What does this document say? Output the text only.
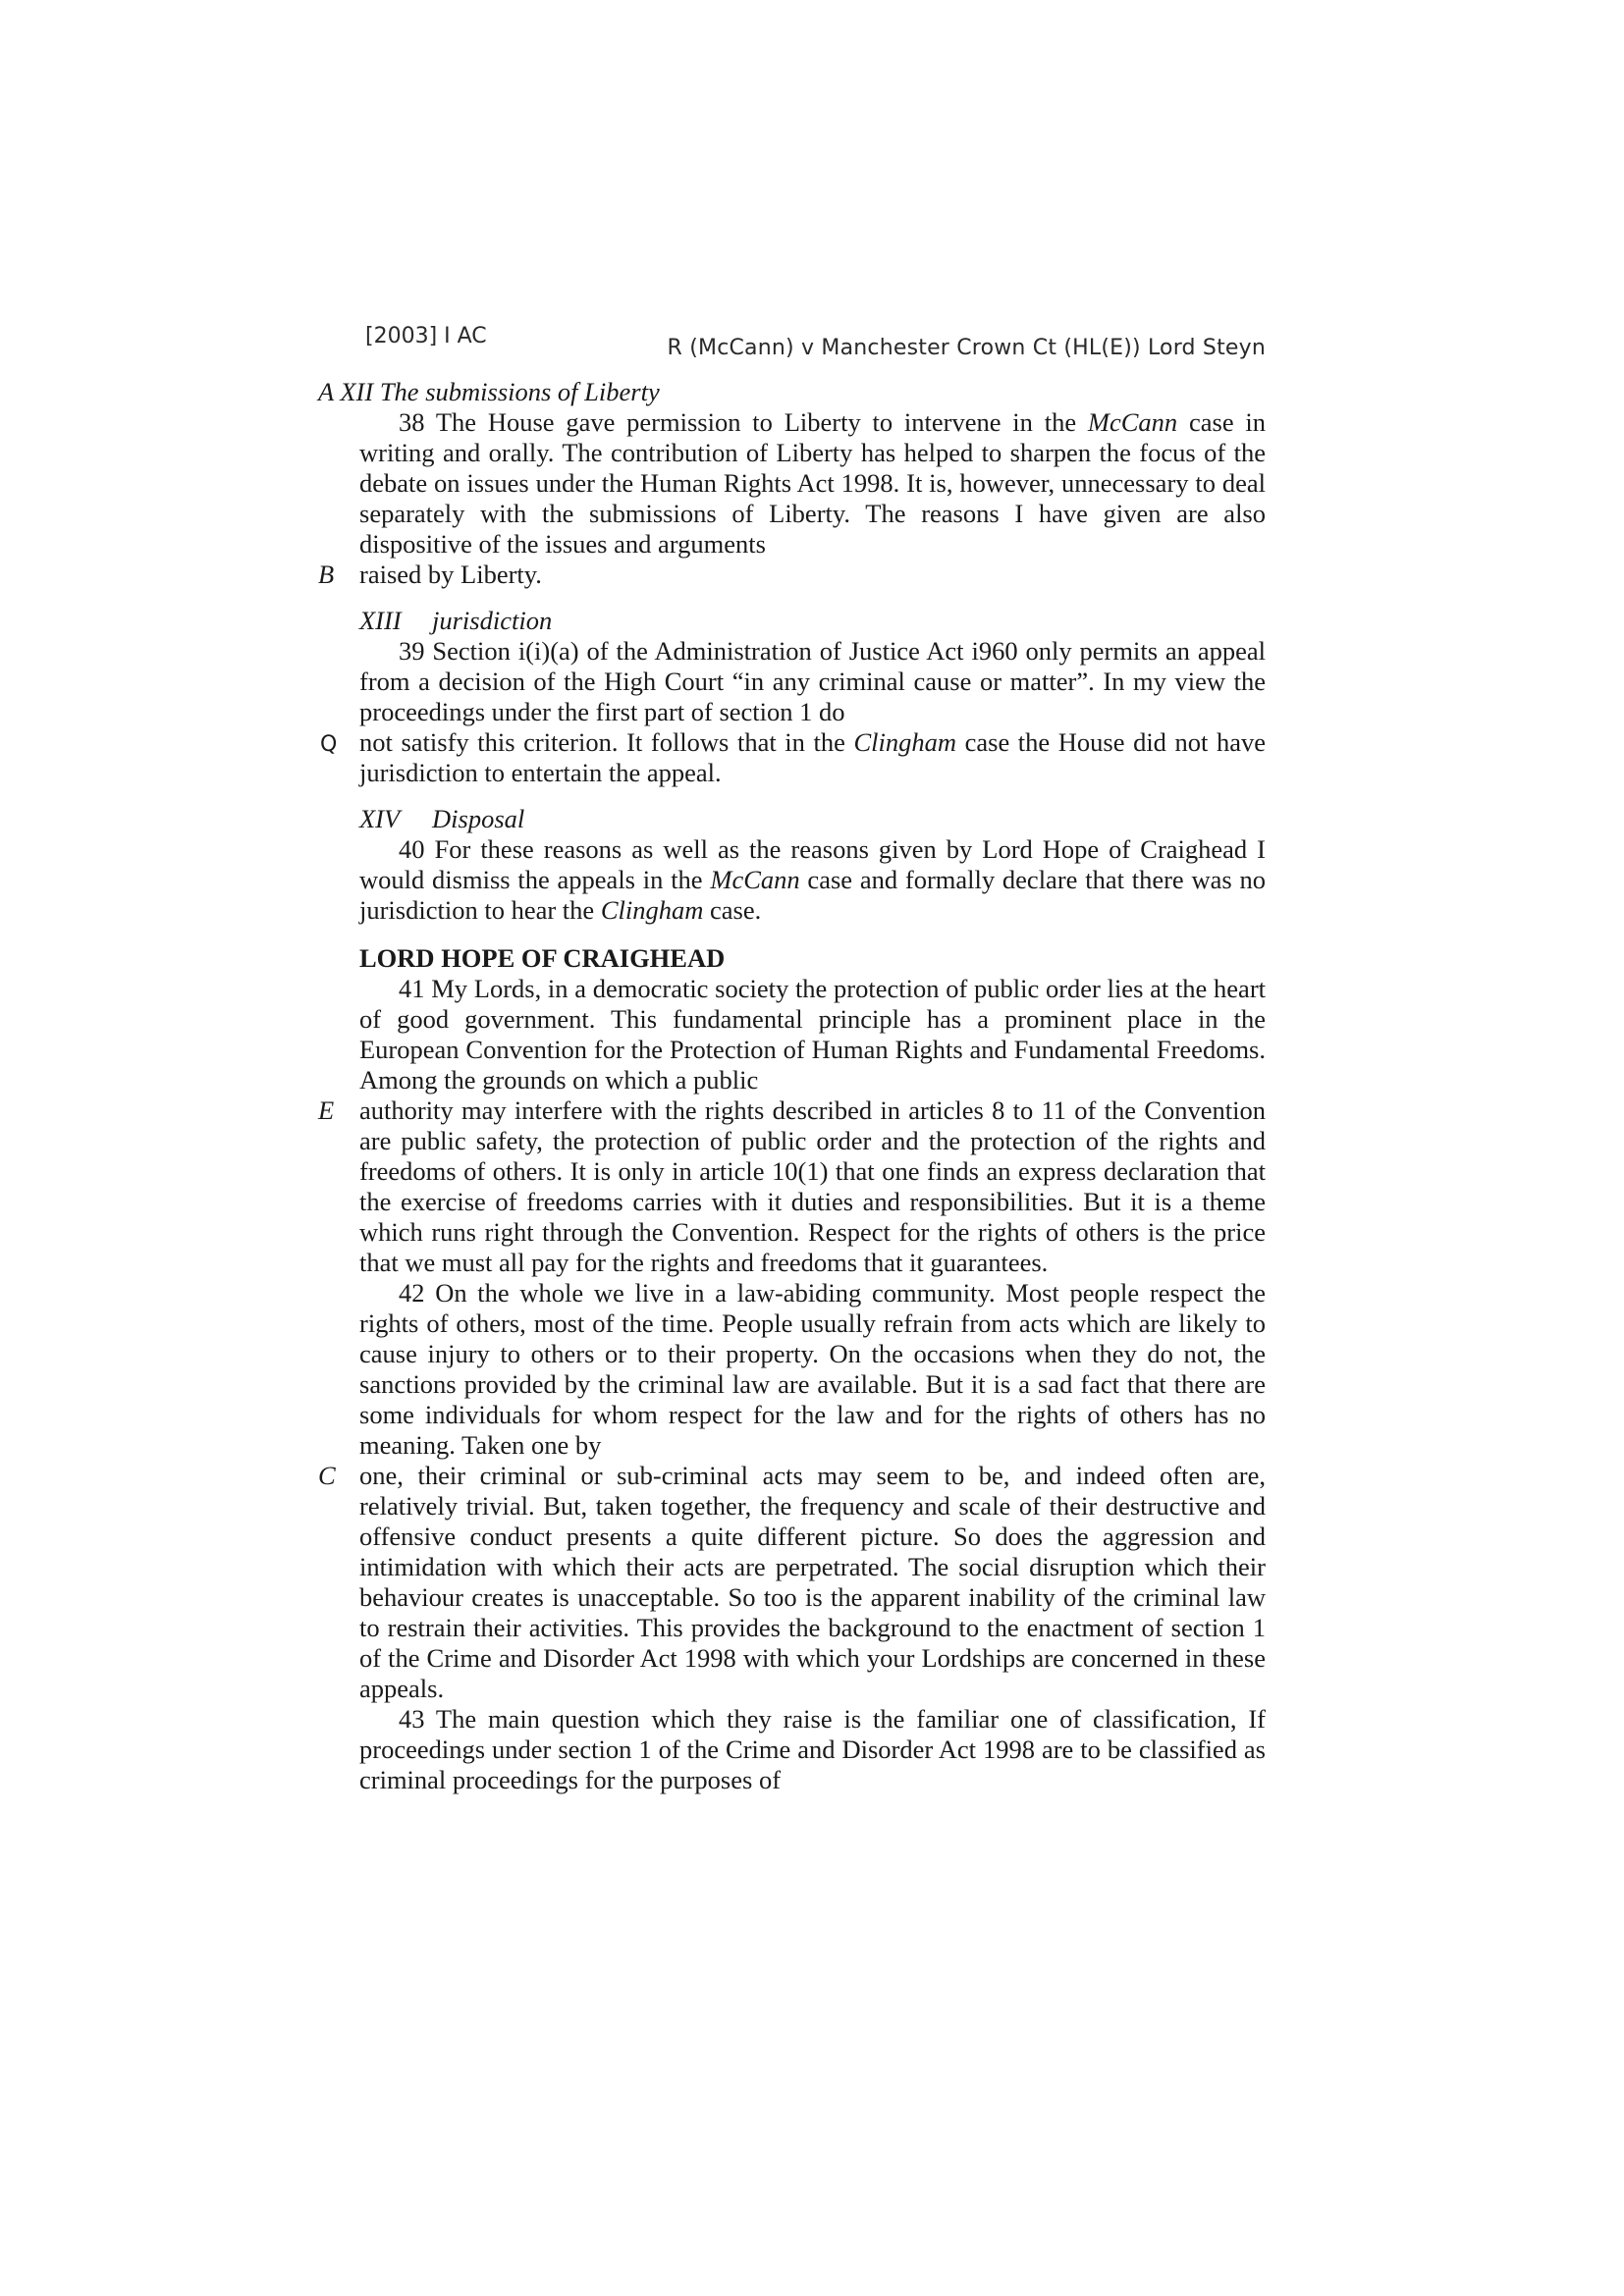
[2003] I AC	R (McCann) v Manchester Crown Ct (HL(E)) Lord Steyn

A XII The submissions of Liberty

38 The House gave permission to Liberty to intervene in the McCann case in writing and orally. The contribution of Liberty has helped to sharpen the focus of the debate on issues under the Human Rights Act 1998. It is, however, unnecessary to deal separately with the submissions of Liberty. The reasons I have given are also dispositive of the issues and arguments

B raised by Liberty.

XIII jurisdiction

39 Section i(i)(a) of the Administration of Justice Act i960 only permits an appeal from a decision of the High Court “in any criminal cause or matter”. In my view the proceedings under the first part of section 1 do

Q not satisfy this criterion. It follows that in the Clingham case the House did not have jurisdiction to entertain the appeal.

XIV Disposal

40 For these reasons as well as the reasons given by Lord Hope of Craighead I would dismiss the appeals in the McCann case and formally declare that there was no jurisdiction to hear the Clingham case.

LORD HOPE OF CRAIGHEAD

41 My Lords, in a democratic society the protection of public order lies at the heart of good government. This fundamental principle has a prominent place in the European Convention for the Protection of Human Rights and Fundamental Freedoms. Among the grounds on which a public

E authority may interfere with the rights described in articles 8 to 11 of the Convention are public safety, the protection of public order and the protection of the rights and freedoms of others. It is only in article 10(1) that one finds an express declaration that the exercise of freedoms carries with it duties and responsibilities. But it is a theme which runs right through the Convention. Respect for the rights of others is the price that we must all pay for the rights and freedoms that it guarantees.

42 On the whole we live in a law-abiding community. Most people respect the rights of others, most of the time. People usually refrain from acts which are likely to cause injury to others or to their property. On the occasions when they do not, the sanctions provided by the criminal law are available. But it is a sad fact that there are some individuals for whom respect for the law and for the rights of others has no meaning. Taken one by

C one, their criminal or sub-criminal acts may seem to be, and indeed often are, relatively trivial. But, taken together, the frequency and scale of their destructive and offensive conduct presents a quite different picture. So does the aggression and intimidation with which their acts are perpetrated. The social disruption which their behaviour creates is unacceptable. So too is the apparent inability of the criminal law to restrain their activities. This provides the background to the enactment of section 1 of the Crime and Disorder Act 1998 with which your Lordships are concerned in these appeals.

43 The main question which they raise is the familiar one of classification, If proceedings under section 1 of the Crime and Disorder Act 1998 are to be classified as criminal proceedings for the purposes of
